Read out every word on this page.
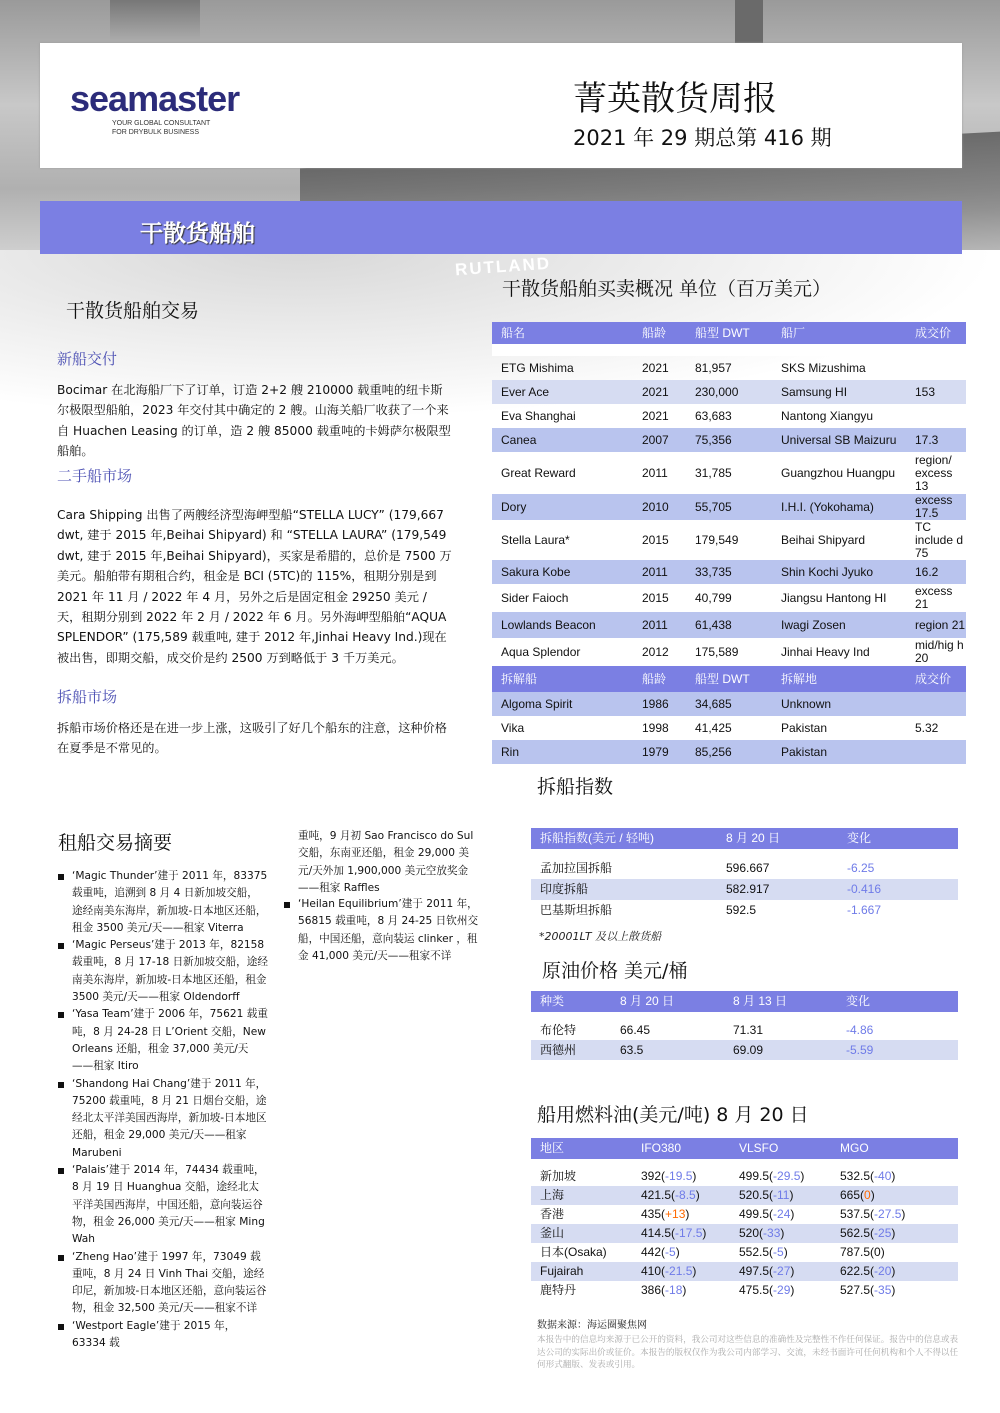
seamaster
YOUR GLOBAL CONSULTANT
FOR DRYBULK BUSINESS
菁英散货周报
2021 年 29 期总第 416 期
干散货船舶
RUTLAND
干散货船舶交易
新船交付
Bocimar 在北海船厂下了订单，订造 2+2 艘 210000 载重吨的纽卡斯尔极限型船舶，2023 年交付其中确定的 2 艘。山海关船厂收获了一个来自 Huachen Leasing 的订单，造 2 艘 85000 载重吨的卡姆萨尔极限型船舶。
二手船市场
Cara Shipping 出售了两艘经济型海岬型船“STELLA LUCY” (179,667 dwt, 建于 2015 年,Beihai Shipyard) 和 “STELLA LAURA” (179,549 dwt, 建于 2015 年,Beihai Shipyard)，买家是希腊的，总价是 7500 万美元。船舶带有期租合约，租金是 BCI (5TC)的 115%，租期分别是到 2021 年 11 月 / 2022 年 4 月，另外之后是固定租金 29250 美元 / 天，租期分别到 2022 年 2 月 / 2022 年 6 月。另外海岬型船舶“AQUA SPLENDOR” (175,589 载重吨, 建于 2012 年,Jinhai Heavy Ind.)现在被出售，即期交船，成交价是约 2500 万到略低于 3 千万美元。
拆船市场
拆船市场价格还是在进一步上涨，这吸引了好几个船东的注意，这种价格在夏季是不常见的。
干散货船舶买卖概况 单位（百万美元）
船名	船龄	船型 DWT	船厂	成交价

ETG Mishima	2021	81,957	SKS Mizushima	
Ever Ace	2021	230,000	Samsung HI	153
Eva Shanghai	2021	63,683	Nantong Xiangyu	
Canea	2007	75,356	Universal SB Maizuru	17.3
Great Reward	2011	31,785	Guangzhou Huangpu	region/ excess 13
Dory	2010	55,705	I.H.I. (Yokohama)	excess 17.5
Stella Laura*	2015	179,549	Beihai Shipyard	TC include d 75
Sakura Kobe	2011	33,735	Shin Kochi Jyuko	16.2
Sider Faioch	2015	40,799	Jiangsu Hantong HI	excess 21
Lowlands Beacon	2011	61,438	Iwagi Zosen	region 21
Aqua Splendor	2012	175,589	Jinhai Heavy Ind	mid/hig h 20
拆解船	船龄	船型 DWT	拆解地	成交价
Algoma Spirit	1986	34,685	Unknown	
Vika	1998	41,425	Pakistan	5.32
Rin	1979	85,256	Pakistan	
拆船指数
拆船指数(美元 / 轻吨)	8 月 20 日	变化

孟加拉国拆船	596.667	-6.25
印度拆船	582.917	-0.416
巴基斯坦拆船	592.5	-1.667
*20001LT 及以上散货船
原油价格 美元/桶
种类	8 月 20 日	8 月 13 日	变化

布伦特	66.45	71.31	-4.86
西德州	63.5	69.09	-5.59
船用燃料油(美元/吨) 8 月 20 日
地区	IFO380	VLSFO	MGO

新加坡	392(-19.5)	499.5(-29.5)	532.5(-40)
上海	421.5(-8.5)	520.5(-11)	665(0)
香港	435(+13)	499.5(-24)	537.5(-27.5)
釜山	414.5(-17.5)	520(-33)	562.5(-25)
日本(Osaka)	442(-5)	552.5(-5)	787.5(0)
Fujairah	410(-21.5)	497.5(-27)	622.5(-20)
鹿特丹	386(-18)	475.5(-29)	527.5(-35)
租船交易摘要
‘Magic Thunder’建于 2011 年，83375 载重吨，追溯到 8 月 4 日新加坡交船，途经南美东海岸，新加坡-日本地区还船，租金 3500 美元/天——租家 Viterra
‘Magic Perseus’建于 2013 年，82158 载重吨，8 月 17-18 日新加坡交船，途经南美东海岸，新加坡-日本地区还船，租金 3500 美元/天——租家 Oldendorff
‘Yasa Team’建于 2006 年，75621 载重吨，8 月 24-28 日 L’Orient 交船，New Orleans 还船，租金 37,000 美元/天——租家 Itiro
‘Shandong Hai Chang’建于 2011 年，75200 载重吨，8 月 21 日烟台交船，途经北太平洋美国西海岸，新加坡-日本地区还船，租金 29,000 美元/天——租家 Marubeni
‘Palais’建于 2014 年，74434 载重吨，8 月 19 日 Huanghua 交船，途经北太平洋美国西海岸，中国还船，意向装运谷物，租金 26,000 美元/天——租家 Ming Wah
‘Zheng Hao’建于 1997 年，73049 载重吨，8 月 24 日 Vinh Thai 交船，途经印尼，新加坡-日本地区还船，意向装运谷物，租金 32,500 美元/天——租家不详
‘Westport Eagle’建于 2015 年，63334 载
重吨，9 月初 Sao Francisco do Sul 交船，东南亚还船，租金 29,000 美元/天外加 1,900,000 美元空放奖金——租家 Raffles
‘Heilan Equilibrium’建于 2011 年，56815 载重吨，8 月 24-25 日钦州交船，中国还船，意向装运 clinker ，租金 41,000 美元/天——租家不详
数据来源：海运圈聚焦网
本报告中的信息均来源于已公开的资料，我公司对这些信息的准确性及完整性不作任何保证。报告中的信息或表达公司的实际出价或征价。本报告的版权仅作为我公司内部学习、交流，未经书面许可任何机构和个人不得以任何形式翻版、发表或引用。
